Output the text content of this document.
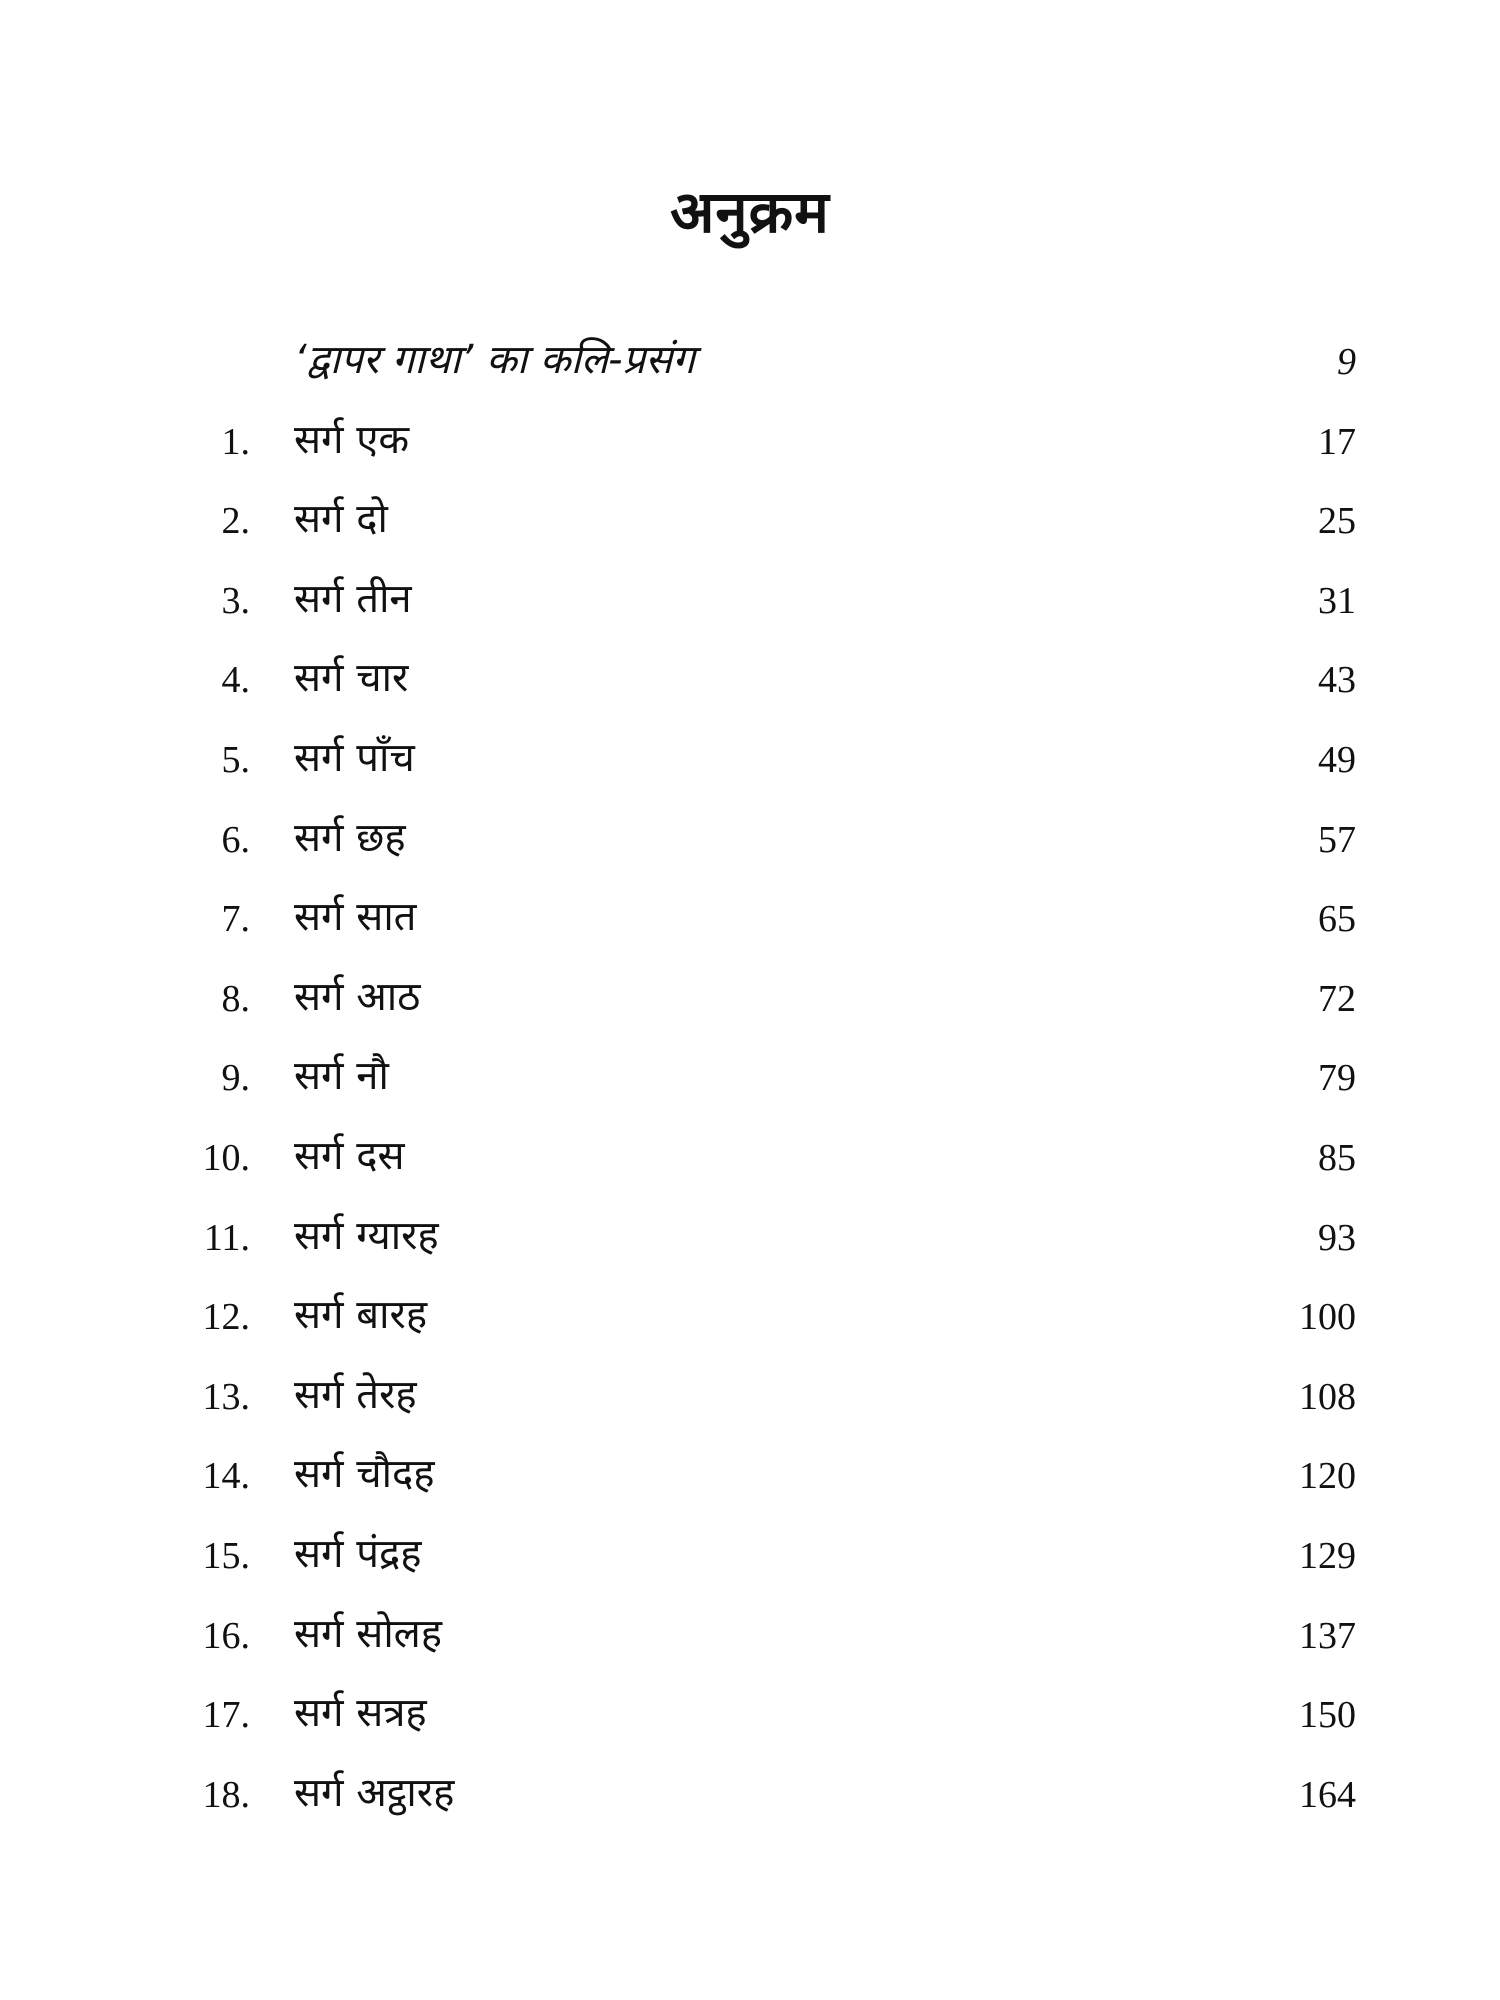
अनुक्रम
‘द्वापर गाथा’ का कलि-प्रसंग	9
1. सर्ग एक	17
2. सर्ग दो	25
3. सर्ग तीन	31
4. सर्ग चार	43
5. सर्ग पाँच	49
6. सर्ग छह	57
7. सर्ग सात	65
8. सर्ग आठ	72
9. सर्ग नौ	79
10. सर्ग दस	85
11. सर्ग ग्यारह	93
12. सर्ग बारह	100
13. सर्ग तेरह	108
14. सर्ग चौदह	120
15. सर्ग पंद्रह	129
16. सर्ग सोलह	137
17. सर्ग सत्रह	150
18. सर्ग अट्ठारह	164
